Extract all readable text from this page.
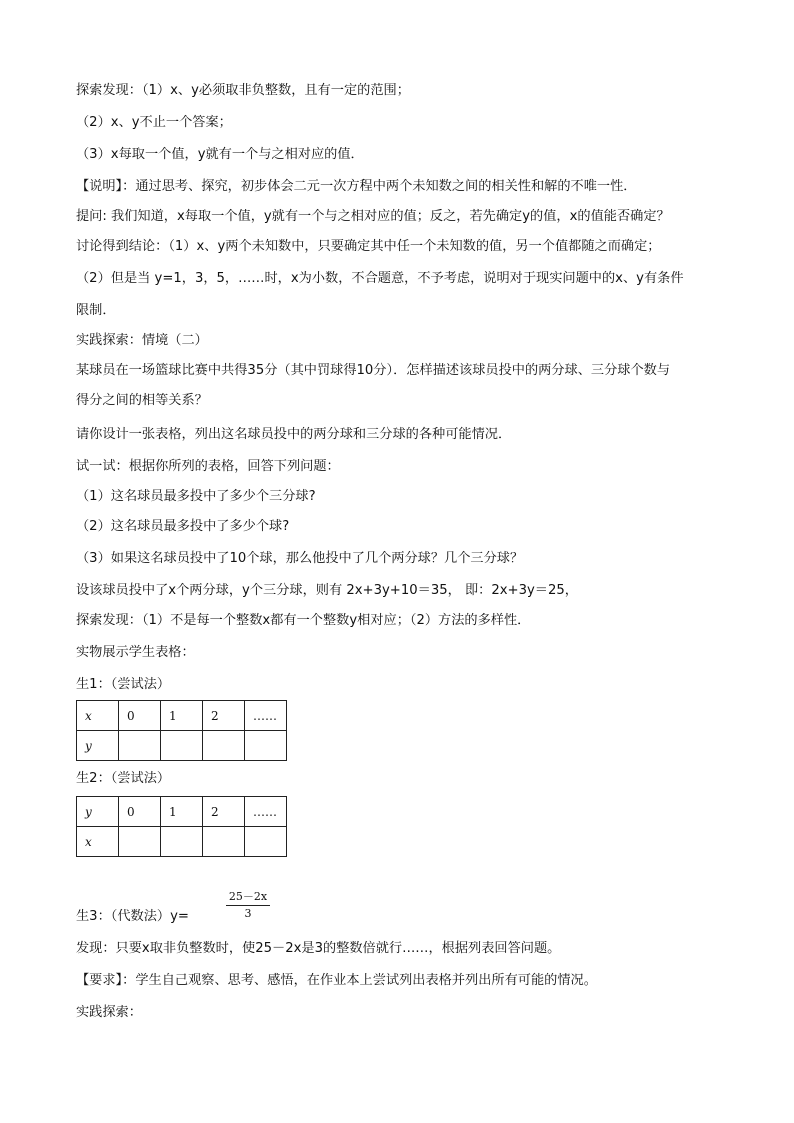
探索发现：（1）x、y必须取非负整数，且有一定的范围；
（2）x、y不止一个答案；
（3）x每取一个值，y就有一个与之相对应的值．
【说明】：通过思考、探究，初步体会二元一次方程中两个未知数之间的相关性和解的不唯一性．
提问: 我们知道，x每取一个值，y就有一个与之相对应的值；反之，若先确定y的值，x的值能否确定？
讨论得到结论：（1）x、y两个未知数中，只要确定其中任一个未知数的值，另一个值都随之而确定；
（2）但是当 y=1，3，5，……时，x为小数，不合题意，不予考虑，说明对于现实问题中的x、y有条件
限制．
实践探索：情境（二）
某球员在一场篮球比赛中共得35分（其中罚球得10分）．怎样描述该球员投中的两分球、三分球个数与
得分之间的相等关系？
请你设计一张表格，列出这名球员投中的两分球和三分球的各种可能情况．
试一试：根据你所列的表格，回答下列问题：
（1）这名球员最多投中了多少个三分球?
（2）这名球员最多投中了多少个球?
（3）如果这名球员投中了10个球，那么他投中了几个两分球？几个三分球？
设该球员投中了x个两分球，y个三分球，则有 2x+3y+10＝35， 即：2x+3y＝25，
探索发现：（1）不是每一个整数x都有一个整数y相对应；（2）方法的多样性．
实物展示学生表格：
生1：（尝试法）
x	0	1	2	……
y				
生2：（尝试法）
y	0	1	2	……
x				
25－2x
3
生3：（代数法）y=
发现：只要x取非负整数时，使25－2x是3的整数倍就行……，根据列表回答问题。
【要求】：学生自己观察、思考、感悟，在作业本上尝试列出表格并列出所有可能的情况。
实践探索：
